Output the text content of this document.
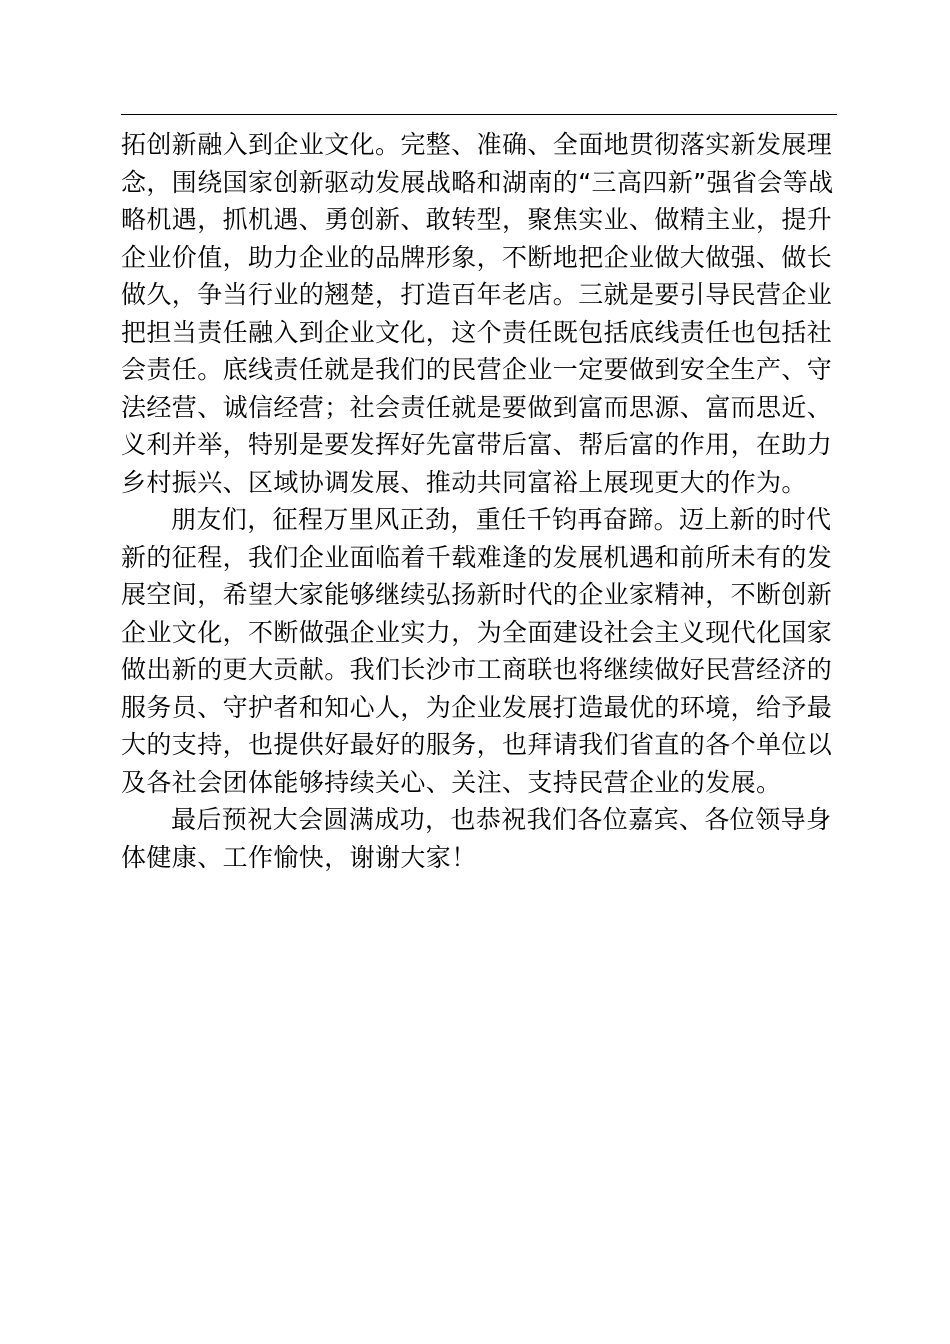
拓创新融入到企业文化。完整、准确、全面地贯彻落实新发展理
念，围绕国家创新驱动发展战略和湖南的“三高四新”强省会等战
略机遇，抓机遇、勇创新、敢转型，聚焦实业、做精主业，提升
企业价值，助力企业的品牌形象，不断地把企业做大做强、做长
做久，争当行业的翘楚，打造百年老店。三就是要引导民营企业
把担当责任融入到企业文化，这个责任既包括底线责任也包括社
会责任。底线责任就是我们的民营企业一定要做到安全生产、守
法经营、诚信经营；社会责任就是要做到富而思源、富而思近、
义利并举，特别是要发挥好先富带后富、帮后富的作用，在助力
乡村振兴、区域协调发展、推动共同富裕上展现更大的作为。
朋友们，征程万里风正劲，重任千钧再奋蹄。迈上新的时代
新的征程，我们企业面临着千载难逢的发展机遇和前所未有的发
展空间，希望大家能够继续弘扬新时代的企业家精神，不断创新
企业文化，不断做强企业实力，为全面建设社会主义现代化国家
做出新的更大贡献。我们长沙市工商联也将继续做好民营经济的
服务员、守护者和知心人，为企业发展打造最优的环境，给予最
大的支持，也提供好最好的服务，也拜请我们省直的各个单位以
及各社会团体能够持续关心、关注、支持民营企业的发展。
最后预祝大会圆满成功，也恭祝我们各位嘉宾、各位领导身
体健康、工作愉快，谢谢大家！
